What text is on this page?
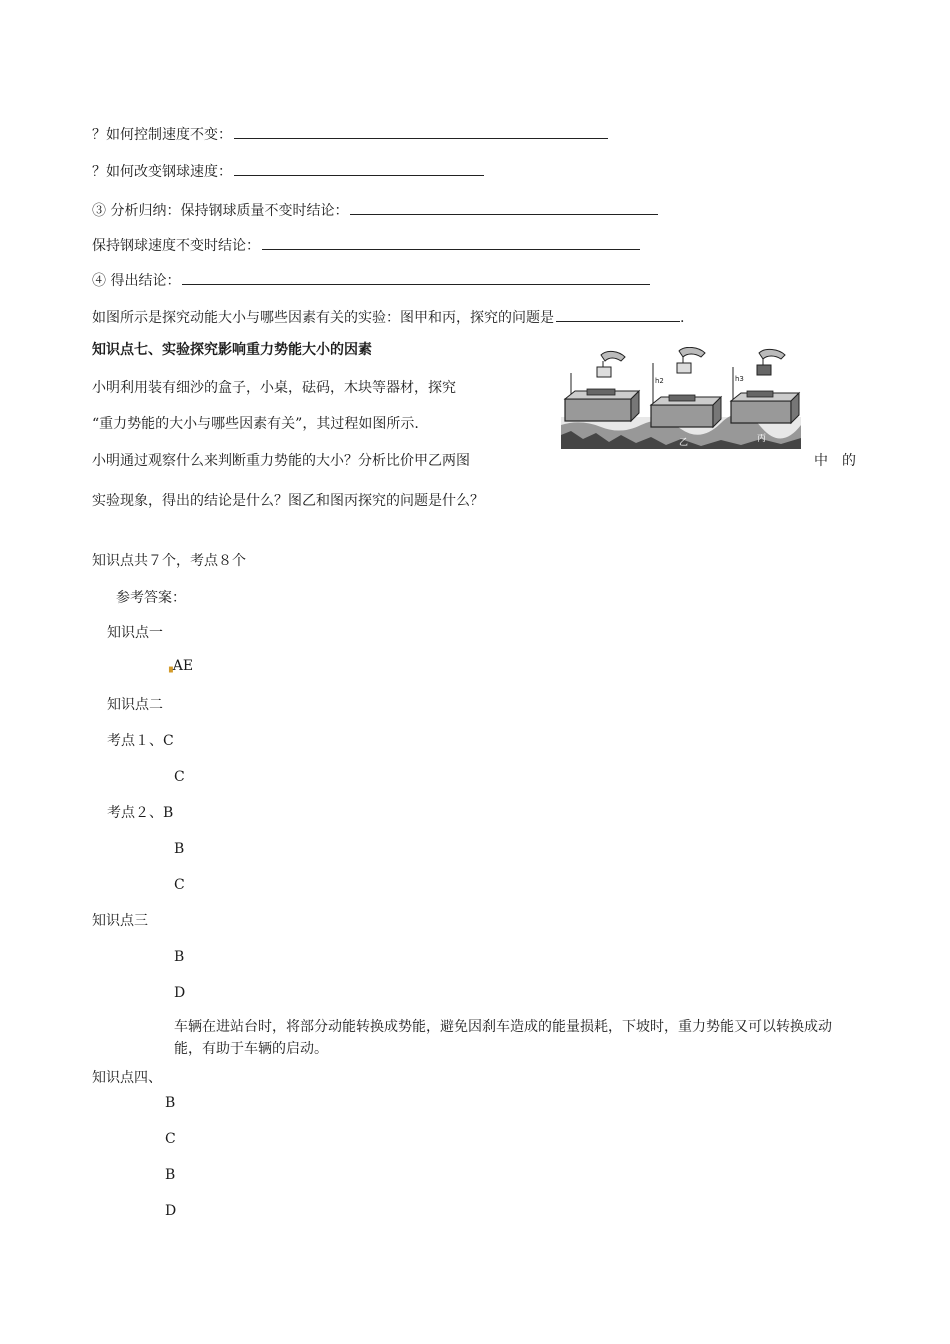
？如何控制速度不变：
？如何改变钢球速度：
③ 分析归纳：保持钢球质量不变时结论：
保持钢球速度不变时结论：
④ 得出结论：
如图所示是探究动能大小与哪些因素有关的实验：图甲和丙，探究的问题是	.
知识点七、实验探究影响重力势能大小的因素
小明利用装有细沙的盒子，小桌，砝码，木块等器材，探究
“重力势能的大小与哪些因素有关”，其过程如图所示.
小明通过观察什么来判断重力势能的大小？分析比价甲乙两图	中　的
实验现象，得出的结论是什么？图乙和图丙探究的问题是什么？
h2
乙
h3
丙
知识点共７个，考点８个
参考答案：
知识点一
▗AE
知识点二
考点１、C
C
考点２、B
B
C
知识点三
B
D
车辆在进站台时，将部分动能转换成势能，避免因刹车造成的能量损耗，下坡时，重力势能又可以转换成动能，有助于车辆的启动。
知识点四、
B
C
B
D
